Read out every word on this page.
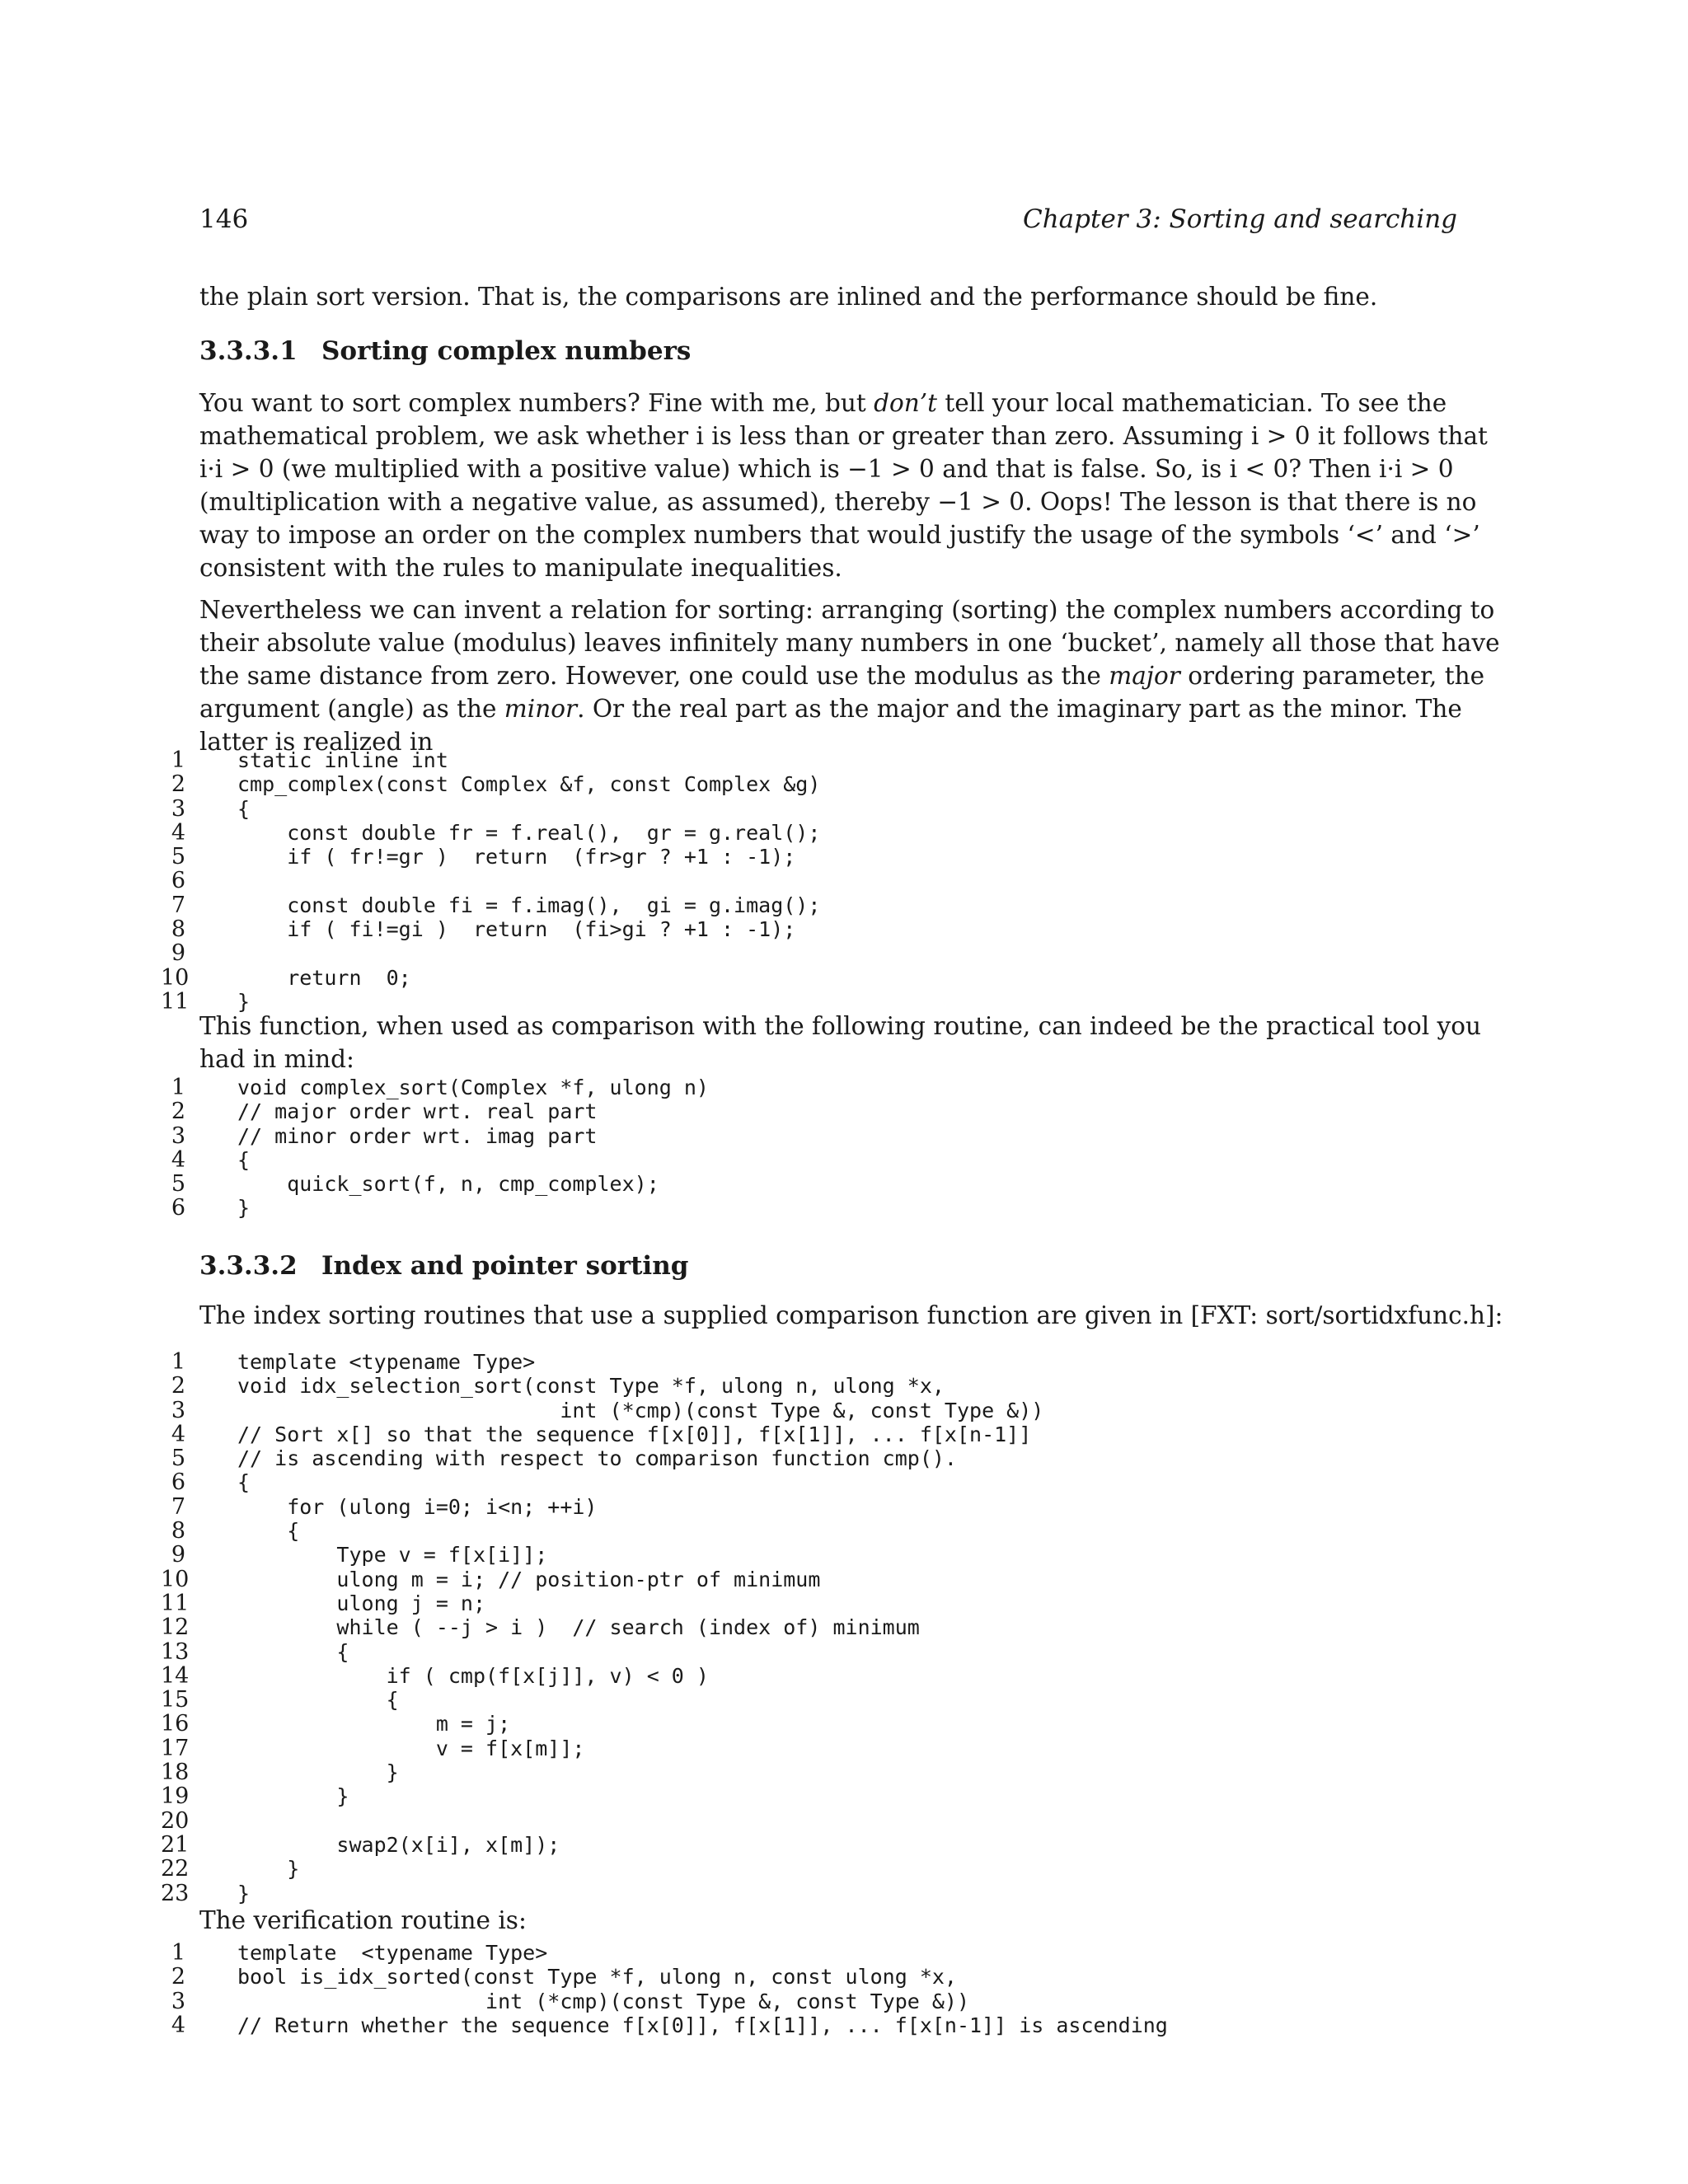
146	Chapter 3: Sorting and searching

the plain sort version. That is, the comparisons are inlined and the performance should be fine.

3.3.3.1 Sorting complex numbers

You want to sort complex numbers? Fine with me, but don’t tell your local mathematician. To see the
mathematical problem, we ask whether i is less than or greater than zero. Assuming i > 0 it follows that
i·i > 0 (we multiplied with a positive value) which is −1 > 0 and that is false. So, is i < 0? Then i·i > 0
(multiplication with a negative value, as assumed), thereby −1 > 0. Oops! The lesson is that there is no
way to impose an order on the complex numbers that would justify the usage of the symbols ‘<’ and ‘>’
consistent with the rules to manipulate inequalities.

Nevertheless we can invent a relation for sorting: arranging (sorting) the complex numbers according to
their absolute value (modulus) leaves infinitely many numbers in one ‘bucket’, namely all those that have
the same distance from zero. However, one could use the modulus as the major ordering parameter, the
argument (angle) as the minor. Or the real part as the major and the imaginary part as the minor. The
latter is realized in

1	static inline int
2	cmp_complex(const Complex &f, const Complex &g)
3	{
4	const double fr = f.real(),  gr = g.real();
5	if ( fr!=gr )  return  (fr>gr ? +1 : -1);
6
7	const double fi = f.imag(),  gi = g.imag();
8	if ( fi!=gi )  return  (fi>gi ? +1 : -1);
9
10 return  0;
11 }

This function, when used as comparison with the following routine, can indeed be the practical tool you
had in mind:

1	void complex_sort(Complex *f, ulong n)
2	// major order wrt. real part
3	// minor order wrt. imag part
4	{
5	quick_sort(f, n, cmp_complex);
6	}
3.3.3.2 Index and pointer sorting

The index sorting routines that use a supplied comparison function are given in [FXT: sort/sortidxfunc.h]:

1	template <typename Type>
2	void idx_selection_sort(const Type *f, ulong n, ulong *x,
3	int (*cmp)(const Type &, const Type &))
4	// Sort x[] so that the sequence f[x[0]], f[x[1]], ... f[x[n-1]]
5	// is ascending with respect to comparison function cmp().
6	{
7	for (ulong i=0; i<n; ++i)
8	{
9	Type v = f[x[i]];
10 ulong m = i; // position-ptr of minimum
11 ulong j = n;
12 while ( --j > i )  // search (index of) minimum
13 {
14 if ( cmp(f[x[j]], v) < 0 )
15 {
16 m = j;
17 v = f[x[m]];
18 }
19 }
20
21 swap2(x[i], x[m]);
22 }
23 }

The verification routine is:

1	template  <typename Type>
2	bool is_idx_sorted(const Type *f, ulong n, const ulong *x,
3	int (*cmp)(const Type &, const Type &))
4	// Return whether the sequence f[x[0]], f[x[1]], ... f[x[n-1]] is ascending
